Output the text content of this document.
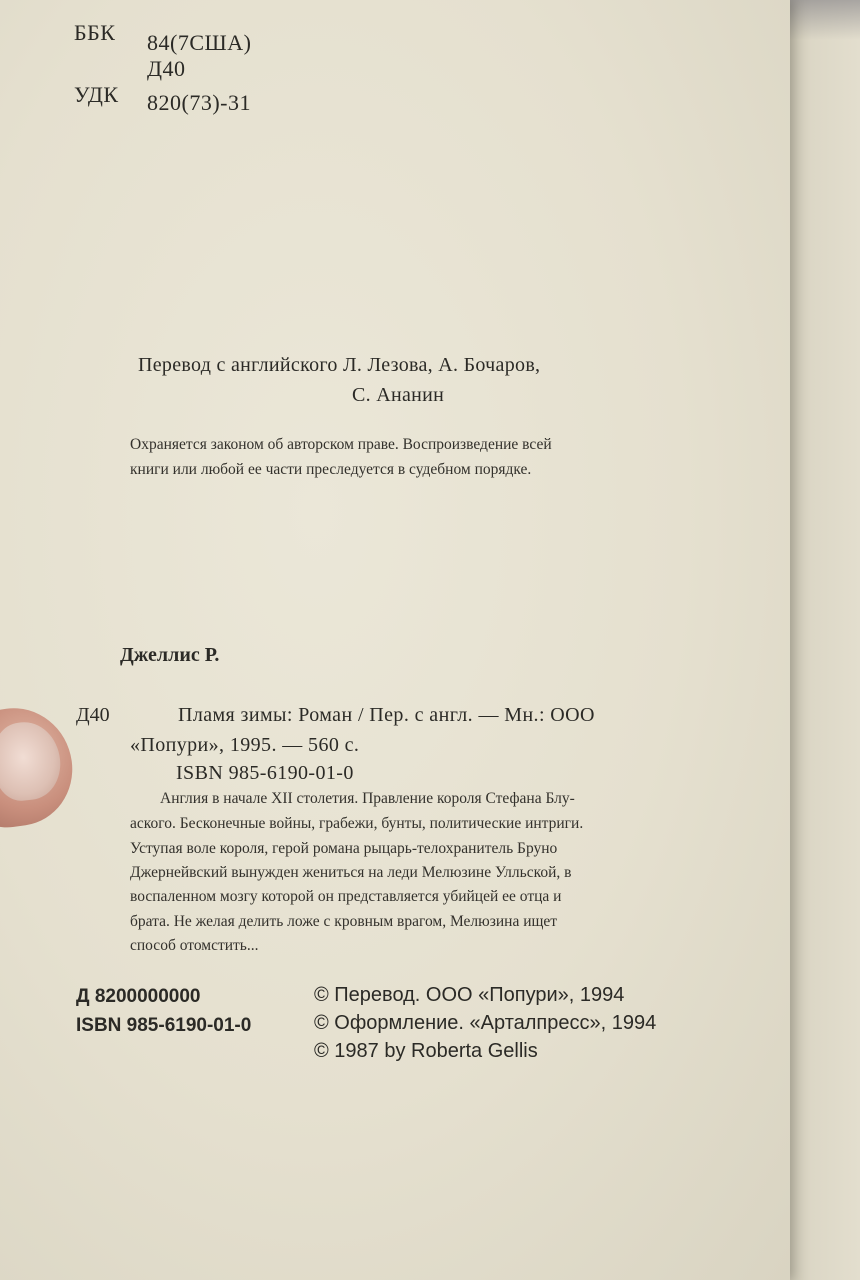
ББК 84(7США)
Д40
УДК 820(73)-31
Перевод с английского Л. Лезова, А. Бочаров,
С. Ананин
Охраняется законом об авторском праве. Воспроизведение всей
книги или любой ее части преследуется в судебном порядке.
Джеллис Р.
Д40	Пламя зимы: Роман / Пер. с англ. — Мн.: ООО
«Попури», 1995. — 560 с.
ISBN 985-6190-01-0
Англия в начале XII столетия. Правление короля Стефана Блу-
аского. Бесконечные войны, грабежи, бунты, политические интриги.
Уступая воле короля, герой романа рыцарь-телохранитель Бруно
Джернейвский вынужден жениться на леди Мелюзине Улльской, в
воспаленном мозгу которой он представляется убийцей ее отца и
брата. Не желая делить ложе с кровным врагом, Мелюзина ищет
способ отомстить...
Д 8200000000
ISBN 985-6190-01-0
© Перевод. ООО «Попури», 1994
© Оформление. «Арталпресс», 1994
© 1987 by Roberta Gellis
